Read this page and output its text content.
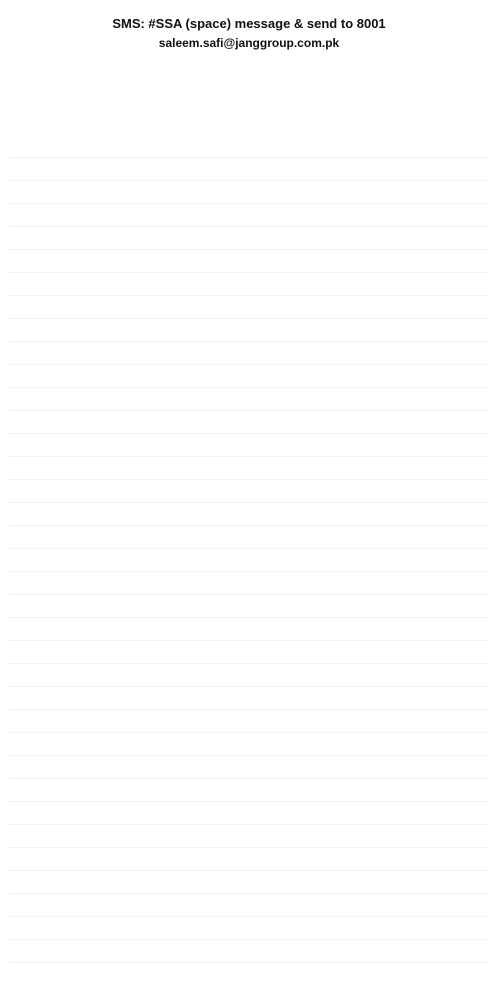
SMS: #SSA (space) message & send to 8001
saleem.safi@janggroup.com.pk
